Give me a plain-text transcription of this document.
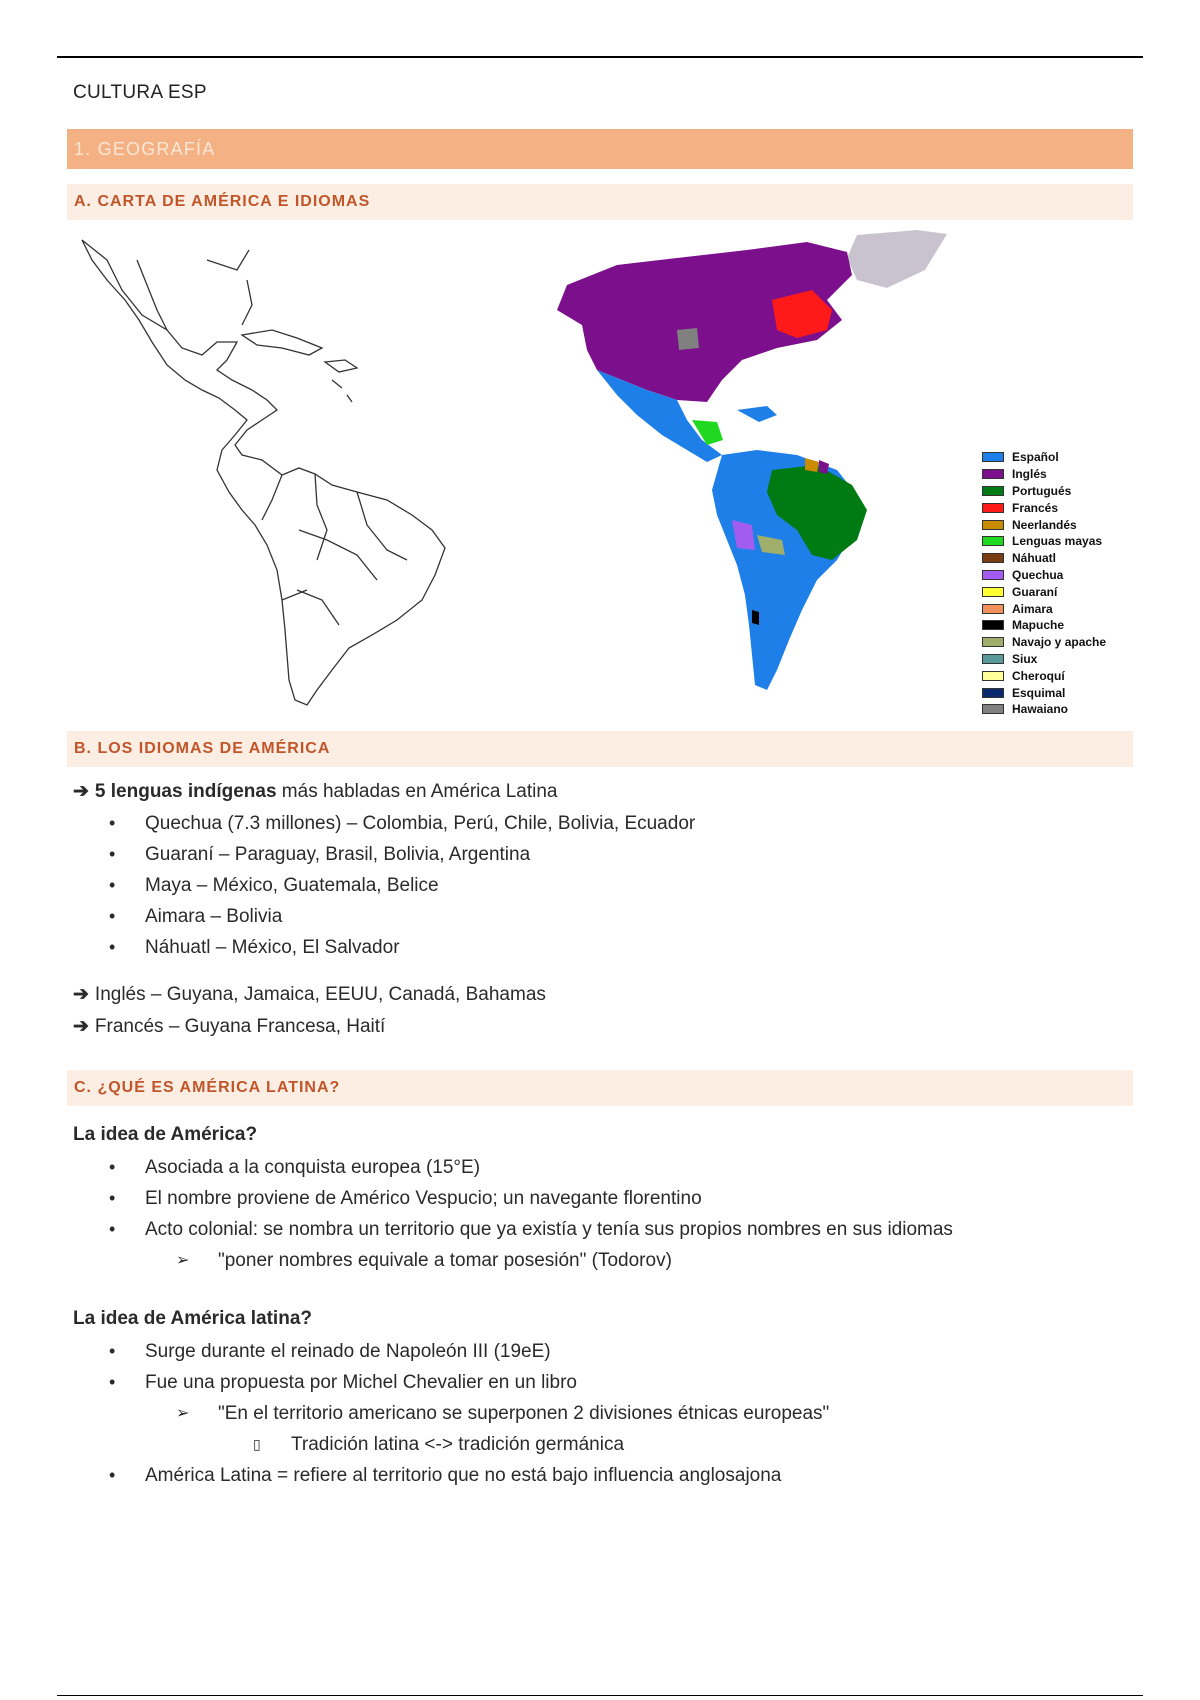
CULTURA ESP
1. GEOGRAFÍA
A. CARTA DE AMÉRICA E IDIOMAS
Español
Inglés
Portugués
Francés
Neerlandés
Lenguas mayas
Náhuatl
Quechua
Guaraní
Aimara
Mapuche
Navajo y apache
Siux
Cheroquí
Esquimal
Hawaiano
B. LOS IDIOMAS DE AMÉRICA
➔ 5 lenguas indígenas más habladas en América Latina
• Quechua (7.3 millones) – Colombia, Perú, Chile, Bolivia, Ecuador
• Guaraní – Paraguay, Brasil, Bolivia, Argentina
• Maya – México, Guatemala, Belice
• Aimara – Bolivia
• Náhuatl – México, El Salvador
➔ Inglés – Guyana, Jamaica, EEUU, Canadá, Bahamas
➔ Francés – Guyana Francesa, Haití
C. ¿QUÉ ES AMÉRICA LATINA?
La idea de América?
• Asociada a la conquista europea (15°E)
• El nombre proviene de Américo Vespucio; un navegante florentino
• Acto colonial: se nombra un territorio que ya existía y tenía sus propios nombres en sus idiomas
➢ "poner nombres equivale a tomar posesión" (Todorov)
La idea de América latina?
• Surge durante el reinado de Napoleón III (19eE)
• Fue una propuesta por Michel Chevalier en un libro
➢ "En el territorio americano se superponen 2 divisiones étnicas europeas"
▯ Tradición latina <-> tradición germánica
• América Latina = refiere al territorio que no está bajo influencia anglosajona
